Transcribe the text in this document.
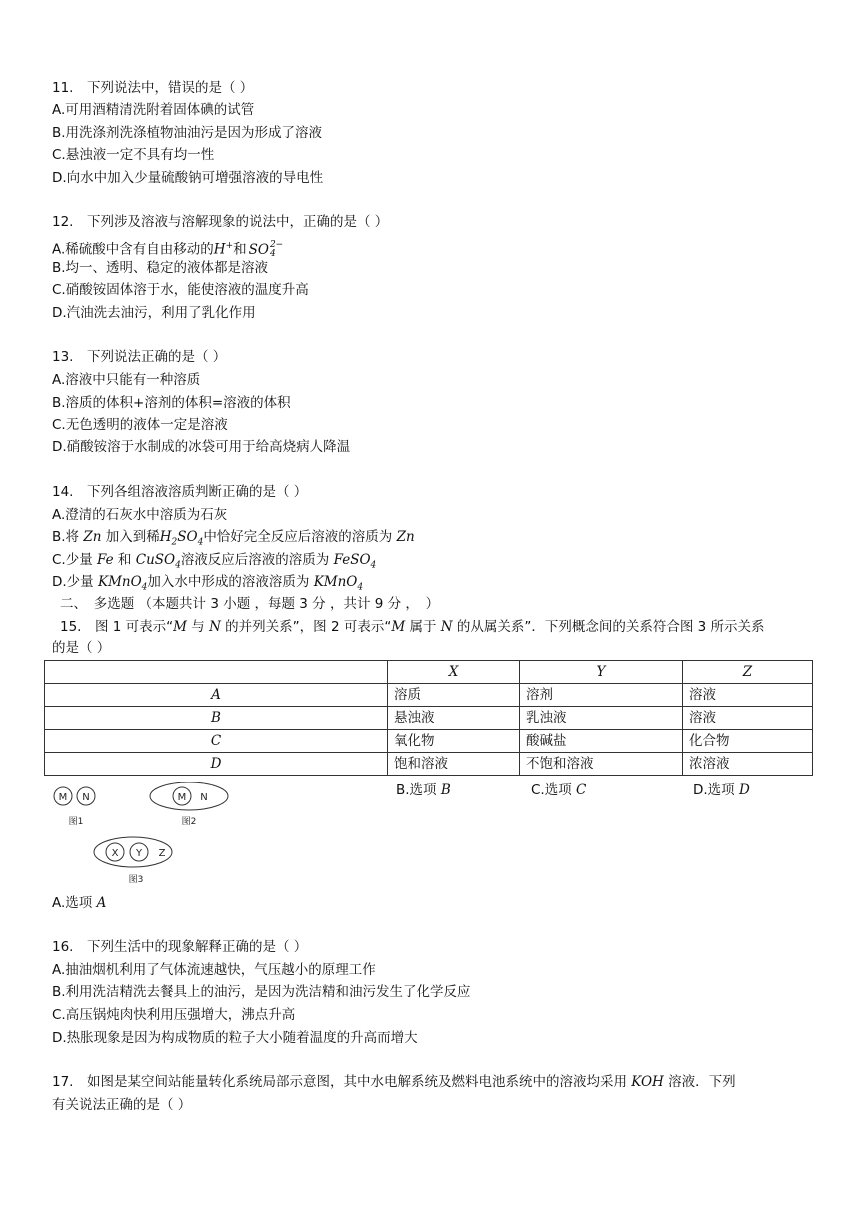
11.　下列说法中，错误的是（ ）
A.可用酒精清洗附着固体碘的试管
B.用洗涤剂洗涤植物油油污是因为形成了溶液
C.悬浊液一定不具有均一性
D.向水中加入少量硫酸钠可增强溶液的导电性
12.　下列涉及溶液与溶解现象的说法中，正确的是（ ）
A.稀硫酸中含有自由移动的H+和 SO 2−
4
B.均一、透明、稳定的液体都是溶液
C.硝酸铵固体溶于水，能使溶液的温度升高
D.汽油洗去油污，利用了乳化作用
13.　下列说法正确的是（ ）
A.溶液中只能有一种溶质
B.溶质的体积+溶剂的体积=溶液的体积
C.无色透明的液体一定是溶液
D.硝酸铵溶于水制成的冰袋可用于给高烧病人降温
14.　下列各组溶液溶质判断正确的是（ ）
A.澄清的石灰水中溶质为石灰
B.将 Zn 加入到稀$H_2SO_4$中恰好完全反应后溶液的溶质为 Zn
C.少量 Fe 和 CuSO$_4$溶液反应后溶液的溶质为 FeSO$_4$
D.少量 KMnO$_4$加入水中形成的溶液溶质为 KMnO$_4$
二、　多选题 （本题共计 3 小题 ，每题 3 分 ，共计 9 分 ，　）
15.　图 1 可表示“M 与 N 的并列关系”，图 2 可表示“M 属于 N 的从属关系”．下列概念间的关系符合图 3 所示关系
的是（ ）
	X	Y	Z
A	溶质	溶剂	溶液
B	悬浊液	乳浊液	溶液
C	氧化物	酸碱盐	化合物
D	饱和溶液	不饱和溶液	浓溶液
M N	M N
X Y Z
图1	图2
图3
B.选项 B	C.选项 C	D.选项 D
A.选项 A
16.　下列生活中的现象解释正确的是（ ）
A.抽油烟机利用了气体流速越快，气压越小的原理工作
B.利用洗洁精洗去餐具上的油污，是因为洗洁精和油污发生了化学反应
C.高压锅炖肉快利用压强增大，沸点升高
D.热胀现象是因为构成物质的粒子大小随着温度的升高而增大
17.　如图是某空间站能量转化系统局部示意图，其中水电解系统及燃料电池系统中的溶液均采用 KOH 溶液．下列
有关说法正确的是（ ）
